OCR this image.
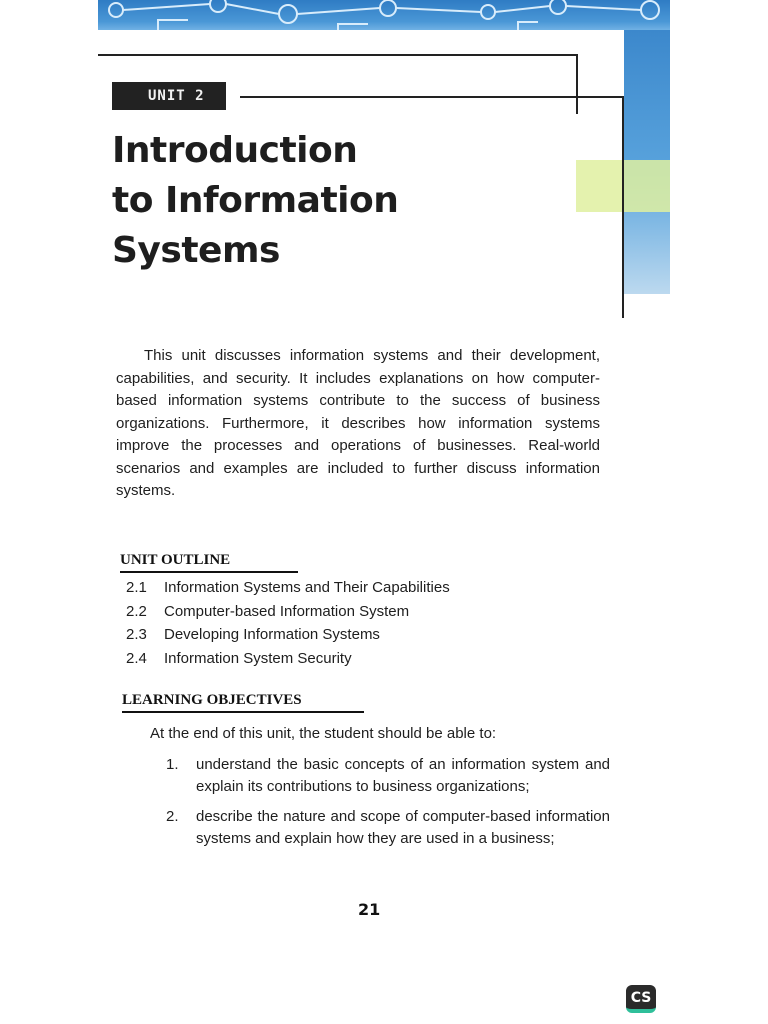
UNIT 2
Introduction
to Information
Systems

This unit discusses information systems and their development, capabilities, and security. It includes explanations on how computer-based information systems contribute to the success of business organizations. Furthermore, it describes how information systems improve the processes and operations of businesses. Real-world scenarios and examples are included to further discuss information systems.

UNIT OUTLINE
2.1 Information Systems and Their Capabilities
2.2 Computer-based Information System
2.3 Developing Information Systems
2.4 Information System Security
LEARNING OBJECTIVES

At the end of this unit, the student should be able to:

1. understand the basic concepts of an information system and explain its contributions to business organizations;
2. describe the nature and scope of computer-based information systems and explain how they are used in a business;
21
CS
